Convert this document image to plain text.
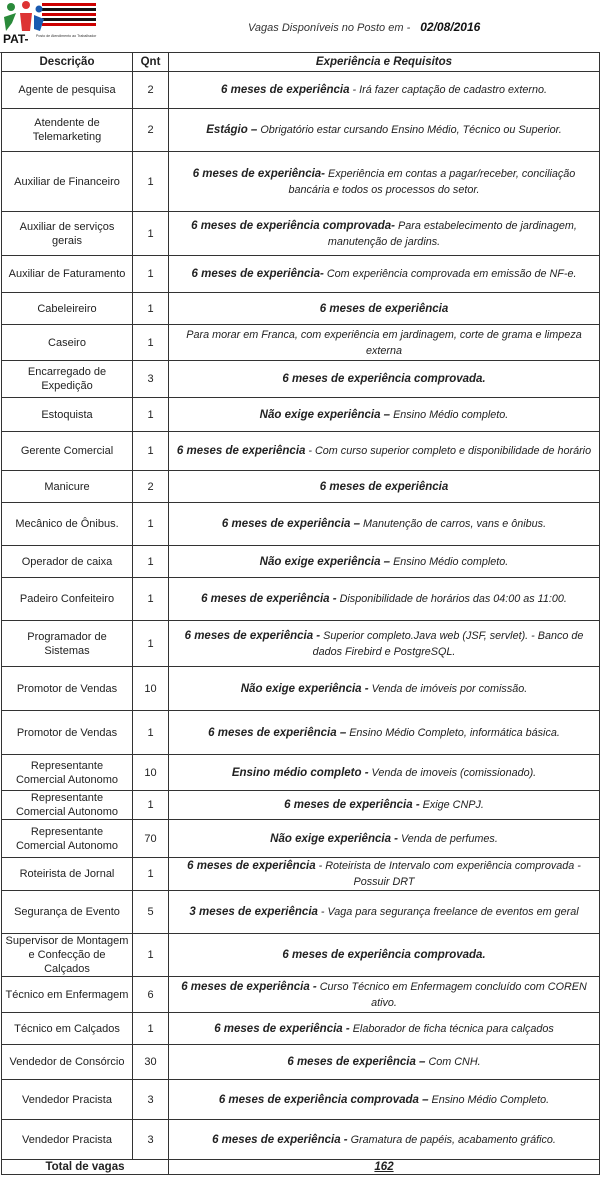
PAT- Posto de Atendimento ao Trabalhador
Vagas Disponíveis no Posto em - 02/08/2016
Descrição	Qnt	Experiência e Requisitos
Agente de pesquisa	2	6 meses de experiência - Irá fazer captação de cadastro externo.
Atendente de Telemarketing	2	Estágio – Obrigatório estar cursando Ensino Médio, Técnico ou Superior.
Auxiliar de Financeiro	1	6 meses de experiência- Experiência em contas a pagar/receber, conciliação bancária e todos os processos do setor.
Auxiliar de serviços gerais	1	6 meses de experiência comprovada- Para estabelecimento de jardinagem, manutenção de jardins.
Auxiliar de Faturamento	1	6 meses de experiência- Com experiência comprovada em emissão de NF-e.
Cabeleireiro	1	6 meses de experiência
Caseiro	1	Para morar em Franca, com experiência em jardinagem, corte de grama e limpeza externa
Encarregado de Expedição	3	6 meses de experiência comprovada.
Estoquista	1	Não exige experiência – Ensino Médio completo.
Gerente Comercial	1	6 meses de experiência - Com curso superior completo e disponibilidade de horário
Manicure	2	6 meses de experiência
Mecânico de Ônibus.	1	6 meses de experiência – Manutenção de carros, vans e ônibus.
Operador de caixa	1	Não exige experiência – Ensino Médio completo.
Padeiro Confeiteiro	1	6 meses de experiência - Disponibilidade de horários das 04:00 as 11:00.
Programador de Sistemas	1	6 meses de experiência - Superior completo.Java web (JSF, servlet). - Banco de dados Firebird e PostgreSQL.
Promotor de Vendas	10	Não exige experiência - Venda de imóveis por comissão.
Promotor de Vendas	1	6 meses de experiência – Ensino Médio Completo, informática básica.
Representante Comercial Autonomo	10	Ensino médio completo - Venda de imoveis (comissionado).
Representante Comercial Autonomo	1	6 meses de experiência - Exige CNPJ.
Representante Comercial Autonomo	70	Não exige experiência - Venda de perfumes.
Roteirista de Jornal	1	6 meses de experiência - Roteirista de Intervalo com experiência comprovada - Possuir DRT
Segurança de Evento	5	3 meses de experiência - Vaga para segurança freelance de eventos em geral
Supervisor de Montagem e Confecção de Calçados	1	6 meses de experiência comprovada.
Técnico em Enfermagem	6	6 meses de experiência - Curso Técnico em Enfermagem concluído com COREN ativo.
Técnico em Calçados	1	6 meses de experiência - Elaborador de ficha técnica para calçados
Vendedor de Consórcio	30	6 meses de experiência – Com CNH.
Vendedor Pracista	3	6 meses de experiência comprovada – Ensino Médio Completo.
Vendedor Pracista	3	6 meses de experiência - Gramatura de papéis, acabamento gráfico.
Total de vagas		162
